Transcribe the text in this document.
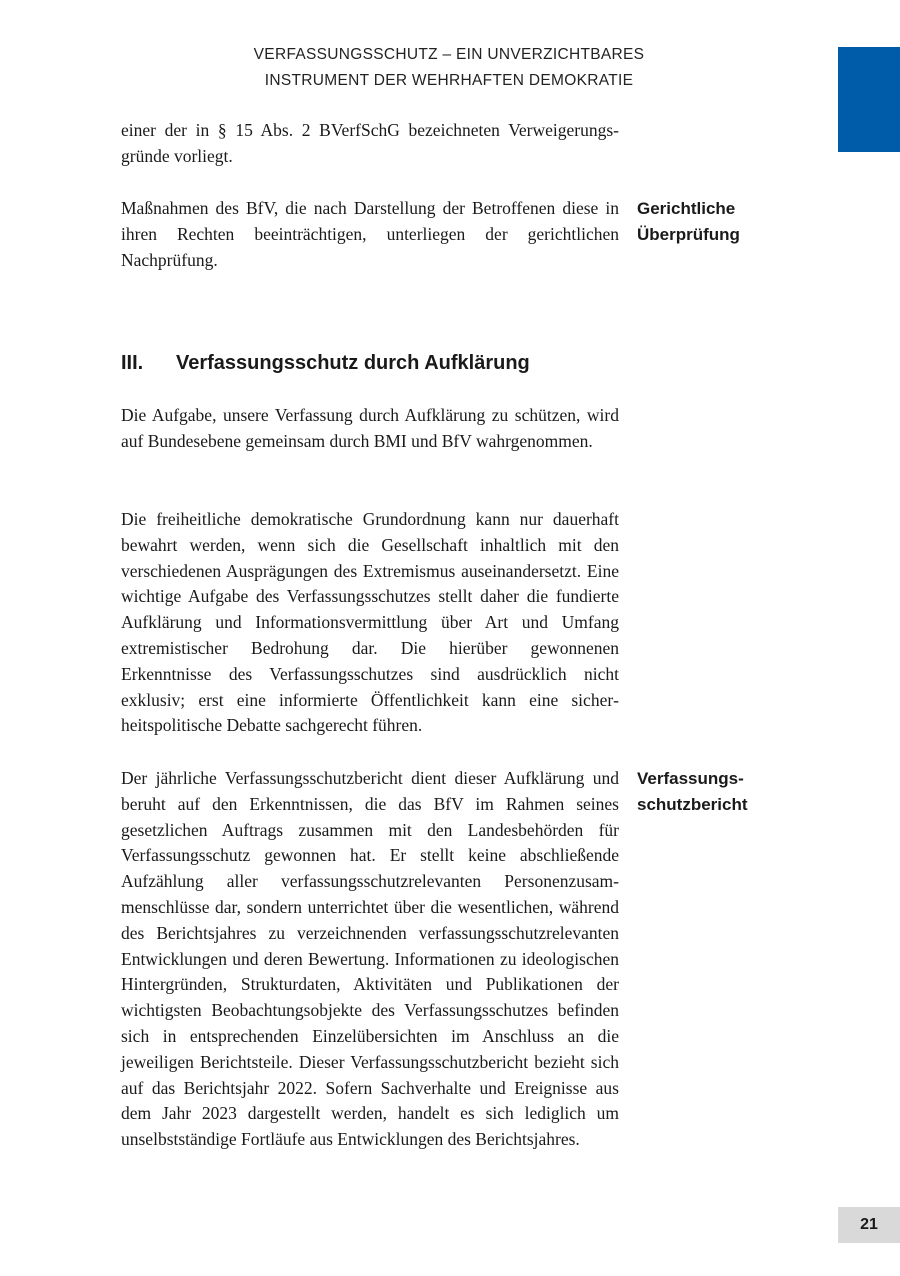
VERFASSUNGSSCHUTZ – EIN UNVERZICHTBARES
INSTRUMENT DER WEHRHAFTEN DEMOKRATIE

einer der in § 15 Abs. 2 BVerfSchG bezeichneten Verweigerungsgründe vorliegt.

Maßnahmen des BfV, die nach Darstellung der Betroffenen diese in ihren Rechten beeinträchtigen, unterliegen der gerichtlichen Nachprüfung.

Gerichtliche
Überprüfung
III. Verfassungsschutz durch Aufklärung

Die Aufgabe, unsere Verfassung durch Aufklärung zu schützen, wird auf Bundesebene gemeinsam durch BMI und BfV wahrgenommen.

Die freiheitliche demokratische Grundordnung kann nur dauerhaft bewahrt werden, wenn sich die Gesellschaft inhaltlich mit den verschiedenen Ausprägungen des Extremismus auseinandersetzt. Eine wichtige Aufgabe des Verfassungsschutzes stellt daher die fundierte Aufklärung und Informationsvermittlung über Art und Umfang extremistischer Bedrohung dar. Die hierüber gewonnenen Erkenntnisse des Verfassungsschutzes sind ausdrücklich nicht exklusiv; erst eine informierte Öffentlichkeit kann eine sicherheitspolitische Debatte sachgerecht führen.

Der jährliche Verfassungsschutzbericht dient dieser Aufklärung und beruht auf den Erkenntnissen, die das BfV im Rahmen seines gesetzlichen Auftrags zusammen mit den Landesbehörden für Verfassungsschutz gewonnen hat. Er stellt keine abschließende Aufzählung aller verfassungsschutzrelevanten Personenzusammenschlüsse dar, sondern unterrichtet über die wesentlichen, während des Berichtsjahres zu verzeichnenden verfassungsschutzrelevanten Entwicklungen und deren Bewertung. Informationen zu ideologischen Hintergründen, Strukturdaten, Aktivitäten und Publikationen der wichtigsten Beobachtungsobjekte des Verfassungsschutzes befinden sich in entsprechenden Einzelübersichten im Anschluss an die jeweiligen Berichtsteile. Dieser Verfassungsschutzbericht bezieht sich auf das Berichtsjahr 2022. Sofern Sachverhalte und Ereignisse aus dem Jahr 2023 dargestellt werden, handelt es sich lediglich um unselbstständige Fortläufe aus Entwicklungen des Berichtsjahres.

Verfassungs-
schutzbericht
21
